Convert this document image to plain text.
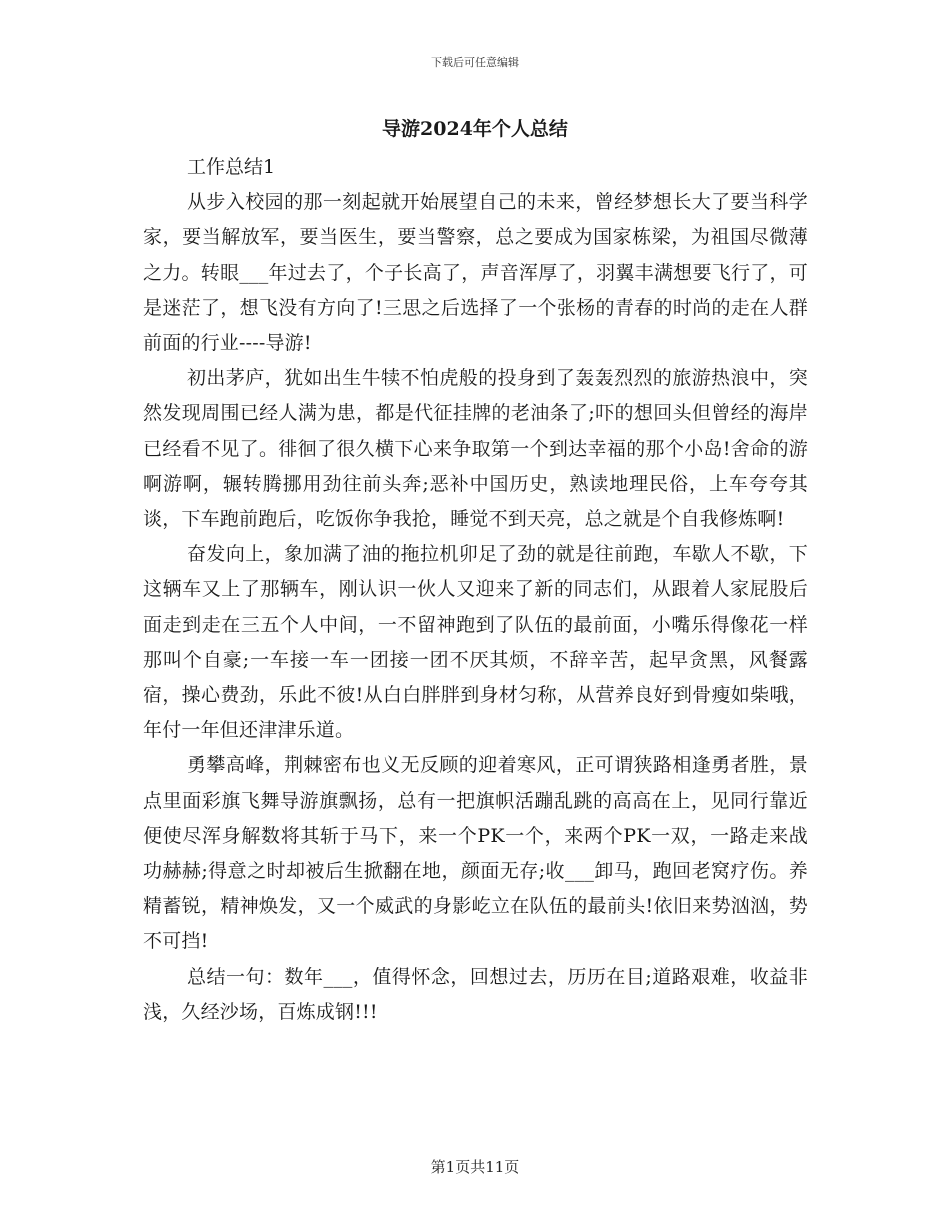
下载后可任意编辑
导游2024年个人总结

工作总结1

从步入校园的那一刻起就开始展望自己的未来，曾经梦想长大了要当科学家，要当解放军，要当医生，要当警察，总之要成为国家栋梁，为祖国尽微薄之力。转眼___年过去了，个子长高了，声音浑厚了，羽翼丰满想要飞行了，可是迷茫了，想飞没有方向了!三思之后选择了一个张杨的青春的时尚的走在人群前面的行业----导游!

初出茅庐，犹如出生牛犊不怕虎般的投身到了轰轰烈烈的旅游热浪中，突然发现周围已经人满为患，都是代征挂牌的老油条了;吓的想回头但曾经的海岸已经看不见了。徘徊了很久横下心来争取第一个到达幸福的那个小岛!舍命的游啊游啊，辗转腾挪用劲往前头奔;恶补中国历史，熟读地理民俗，上车夸夸其谈，下车跑前跑后，吃饭你争我抢，睡觉不到天亮，总之就是个自我修炼啊!

奋发向上，象加满了油的拖拉机卯足了劲的就是往前跑，车歇人不歇，下这辆车又上了那辆车，刚认识一伙人又迎来了新的同志们，从跟着人家屁股后面走到走在三五个人中间，一不留神跑到了队伍的最前面，小嘴乐得像花一样那叫个自豪;一车接一车一团接一团不厌其烦，不辞辛苦，起早贪黑，风餐露宿，操心费劲，乐此不彼!从白白胖胖到身材匀称，从营养良好到骨瘦如柴哦，年付一年但还津津乐道。

勇攀高峰，荆棘密布也义无反顾的迎着寒风，正可谓狭路相逢勇者胜，景点里面彩旗飞舞导游旗飘扬，总有一把旗帜活蹦乱跳的高高在上，见同行靠近便使尽浑身解数将其斩于马下，来一个PK一个，来两个PK一双，一路走来战功赫赫;得意之时却被后生掀翻在地，颜面无存;收___卸马，跑回老窝疗伤。养精蓄锐，精神焕发，又一个威武的身影屹立在队伍的最前头!依旧来势汹汹，势不可挡!

总结一句：数年___，值得怀念，回想过去，历历在目;道路艰难，收益非浅，久经沙场，百炼成钢!!!

第1页共11页
